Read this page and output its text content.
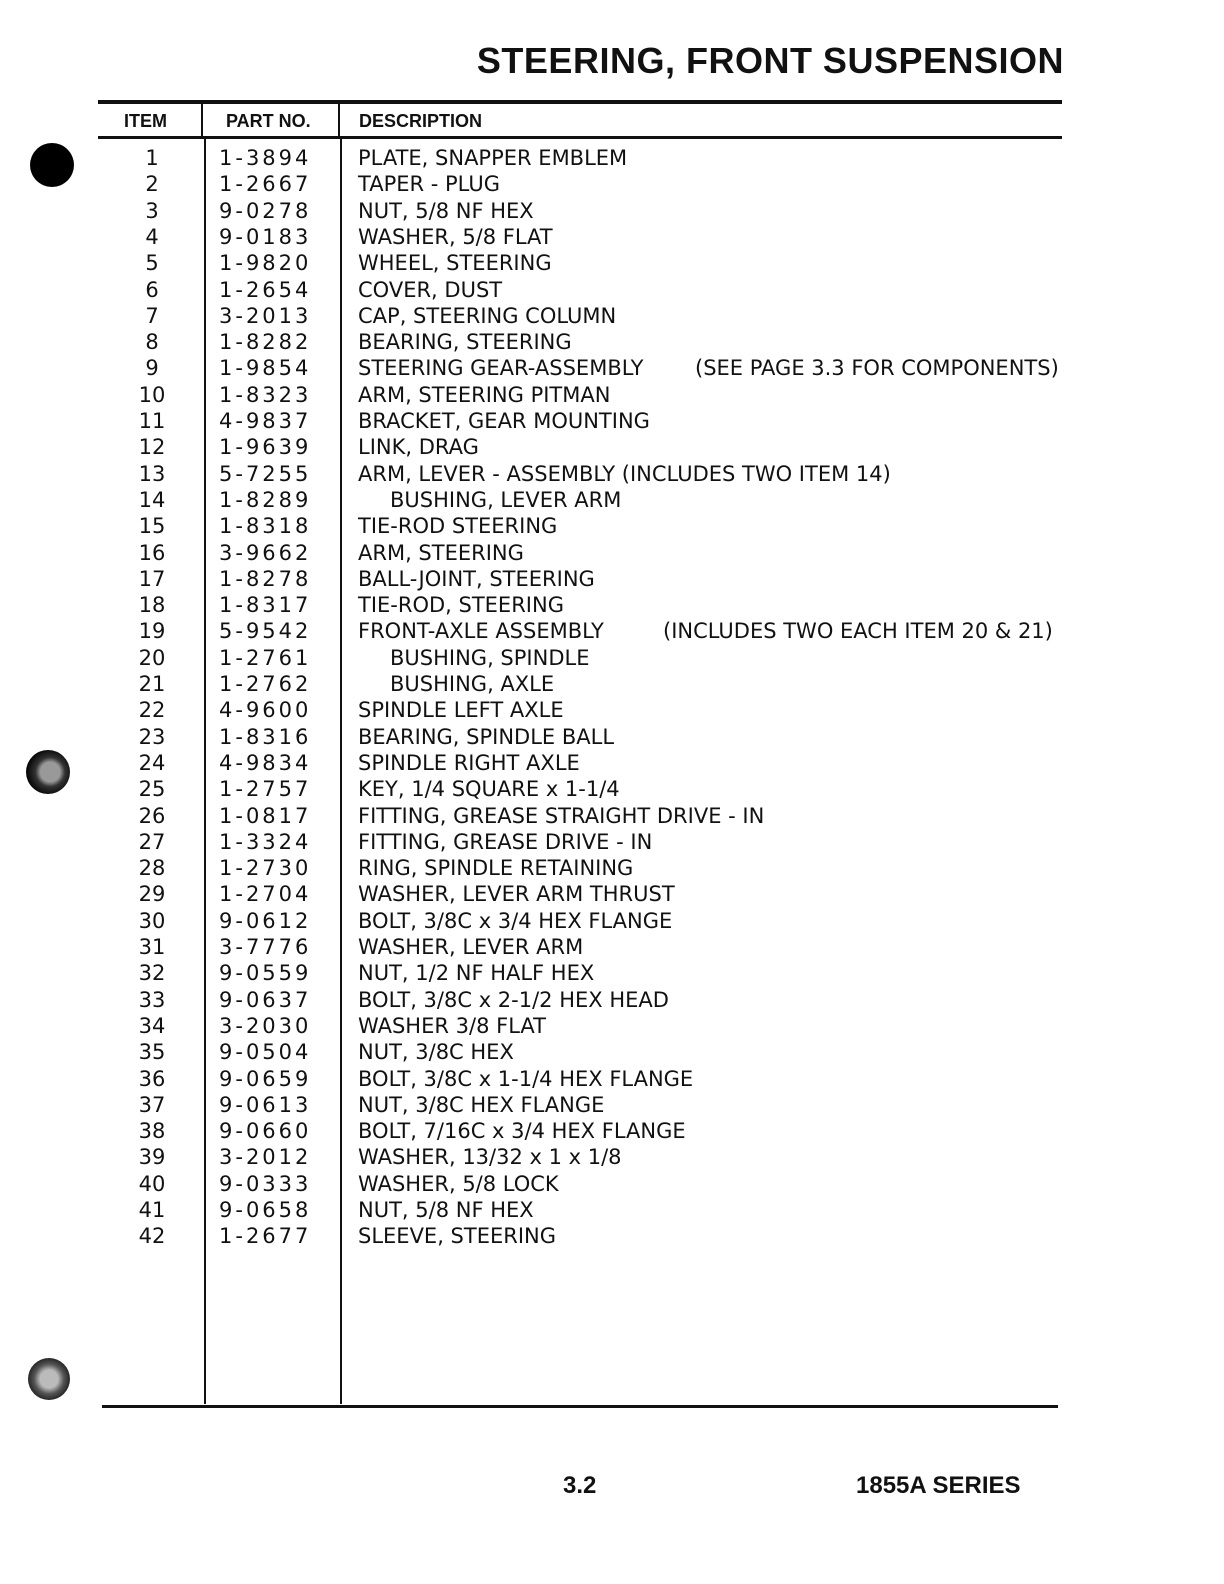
STEERING, FRONT SUSPENSION
ITEM	PART NO.	DESCRIPTION
1	1-3894 PLATE, SNAPPER EMBLEM
2	1-2667 TAPER - PLUG
3	9-0278 NUT, 5/8 NF HEX
4	9-0183 WASHER, 5/8 FLAT
5	1-9820 WHEEL, STEERING
6	1-2654 COVER, DUST
7	3-2013 CAP, STEERING COLUMN
8	1-8282 BEARING, STEERING
9	1-9854 STEERING GEAR-ASSEMBLY (SEE PAGE 3.3 FOR COMPONENTS)
10	1-8323 ARM, STEERING PITMAN
11	4-9837 BRACKET, GEAR MOUNTING
12	1-9639 LINK, DRAG
13	5-7255 ARM, LEVER - ASSEMBLY (INCLUDES TWO ITEM 14)
14	1-8289	BUSHING, LEVER ARM
15	1-8318 TIE-ROD STEERING
16	3-9662 ARM, STEERING
17	1-8278 BALL-JOINT, STEERING
18	1-8317 TIE-ROD, STEERING
19	5-9542 FRONT-AXLE ASSEMBLY	(INCLUDES TWO EACH ITEM 20 & 21)
20	1-2761	BUSHING, SPINDLE
21	1-2762	BUSHING, AXLE
22	4-9600 SPINDLE LEFT AXLE
23	1-8316 BEARING, SPINDLE BALL
24	4-9834 SPINDLE RIGHT AXLE
25	1-2757 KEY, 1/4 SQUARE x 1-1/4
26	1-0817 FITTING, GREASE STRAIGHT DRIVE - IN
27	1-3324 FITTING, GREASE DRIVE - IN
28	1-2730 RING, SPINDLE RETAINING
29	1-2704 WASHER, LEVER ARM THRUST
30	9-0612 BOLT, 3/8C x 3/4 HEX FLANGE
31	3-7776 WASHER, LEVER ARM
32	9-0559 NUT, 1/2 NF HALF HEX
33	9-0637 BOLT, 3/8C x 2-1/2 HEX HEAD
34	3-2030 WASHER 3/8 FLAT
35	9-0504 NUT, 3/8C HEX
36	9-0659 BOLT, 3/8C x 1-1/4 HEX FLANGE
37	9-0613 NUT, 3/8C HEX FLANGE
38	9-0660 BOLT, 7/16C x 3/4 HEX FLANGE
39	3-2012 WASHER, 13/32 x 1 x 1/8
40	9-0333 WASHER, 5/8 LOCK
41	9-0658 NUT, 5/8 NF HEX
42	1-2677 SLEEVE, STEERING
3.2	1855A SERIES
